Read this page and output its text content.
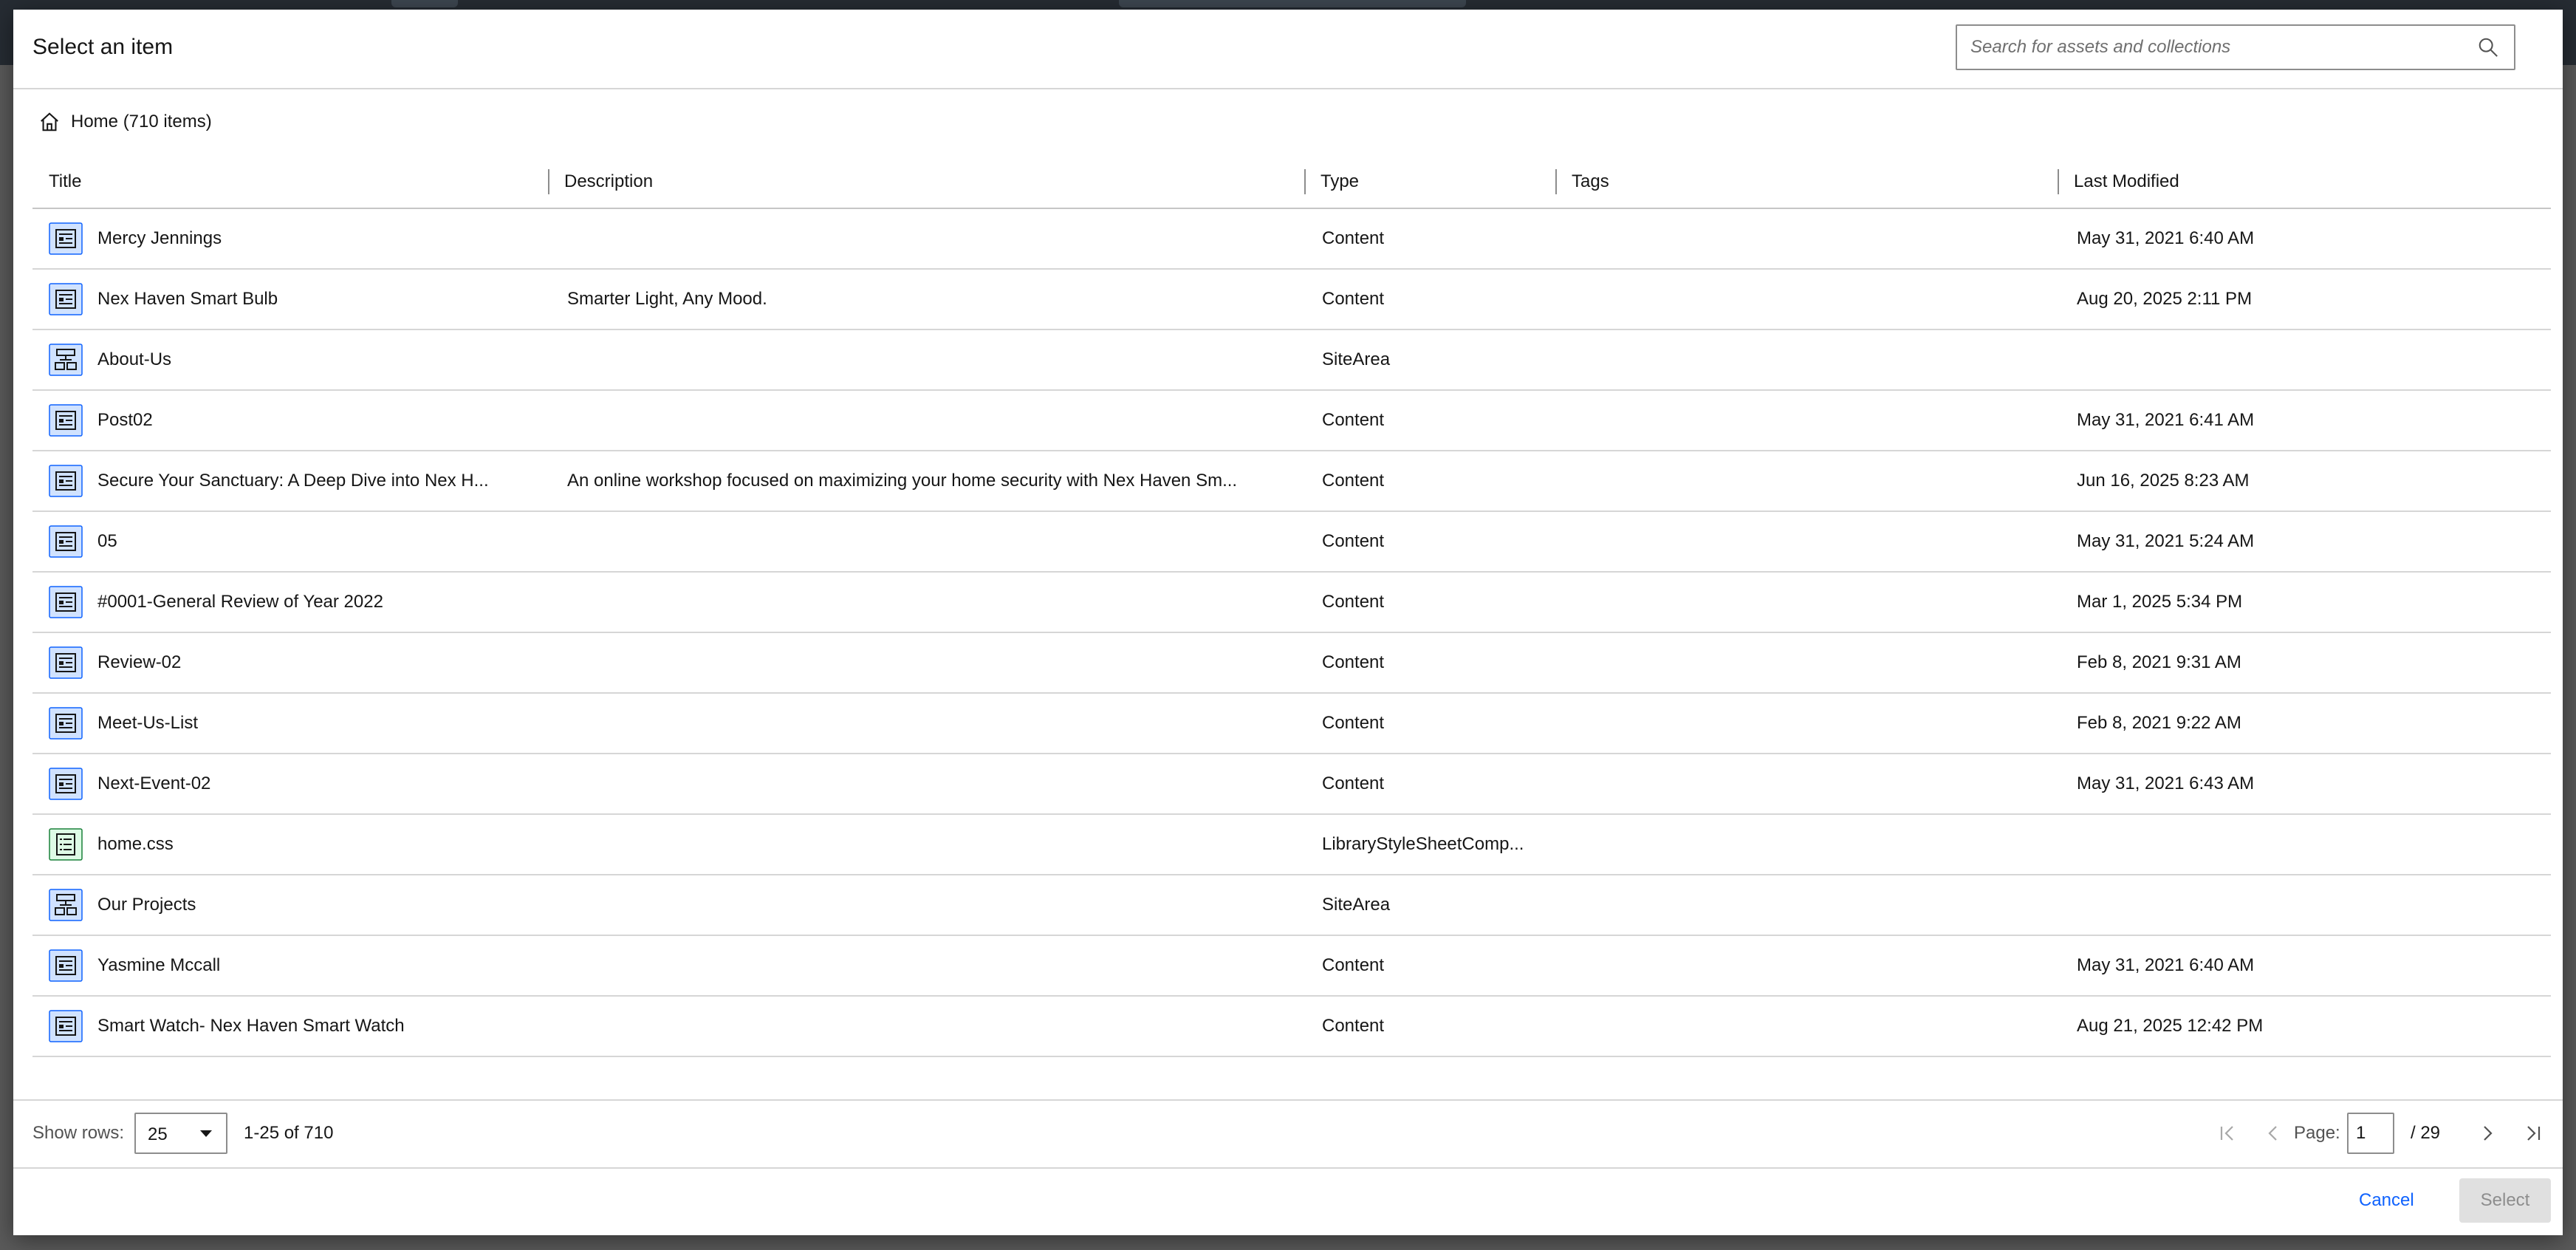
Select an item
Search for assets and collections
Home (710 items)
Title	Description	Type	Tags	Last Modified
Mercy Jennings	Content	May 31, 2021 6:40 AM
Nex Haven Smart Bulb	Smarter Light, Any Mood.	Content	Aug 20, 2025 2:11 PM
About-Us	SiteArea
Post02	Content	May 31, 2021 6:41 AM
Secure Your Sanctuary: A Deep Dive into Nex H...	An online workshop focused on maximizing your home security with Nex Haven Sm...	Content	Jun 16, 2025 8:23 AM
05	Content	May 31, 2021 5:24 AM
#0001-General Review of Year 2022	Content	Mar 1, 2025 5:34 PM
Review-02	Content	Feb 8, 2021 9:31 AM
Meet-Us-List	Content	Feb 8, 2021 9:22 AM
Next-Event-02	Content	May 31, 2021 6:43 AM
home.css	LibraryStyleSheetComp...
Our Projects	SiteArea
Yasmine Mccall	Content	May 31, 2021 6:40 AM
Smart Watch- Nex Haven Smart Watch	Content	Aug 21, 2025 12:42 PM
Show rows: 25	1-25 of 710	Page:
1	/ 29
Cancel	Select
